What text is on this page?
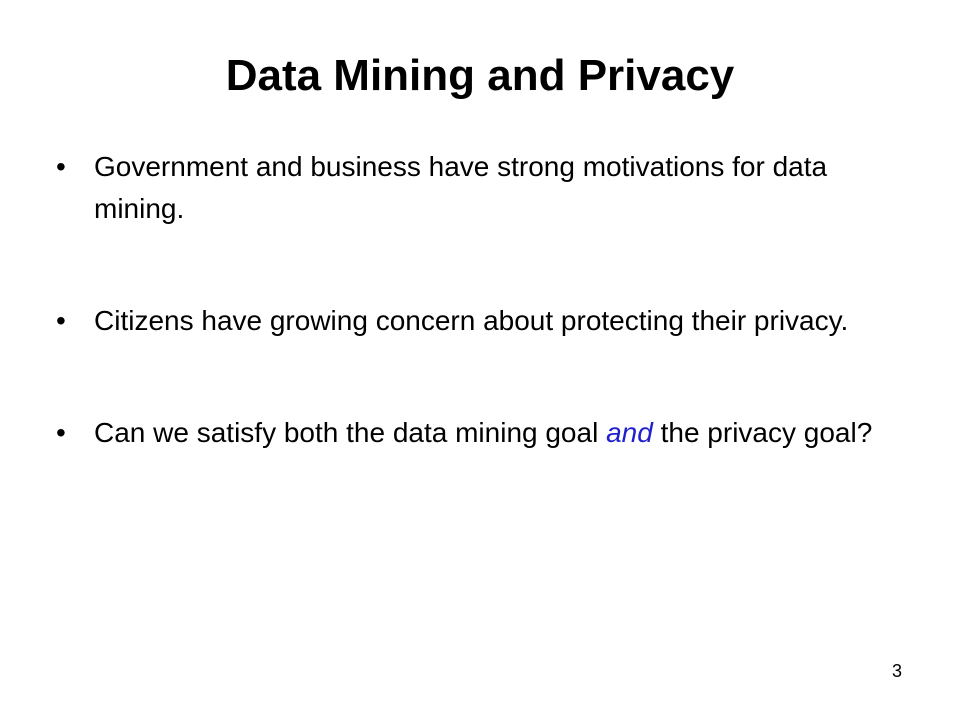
Data Mining and Privacy
•	Government and business have strong motivations for data mining.
•	Citizens have growing concern about protecting their privacy.
•	Can we satisfy both the data mining goal and the privacy goal?
3
